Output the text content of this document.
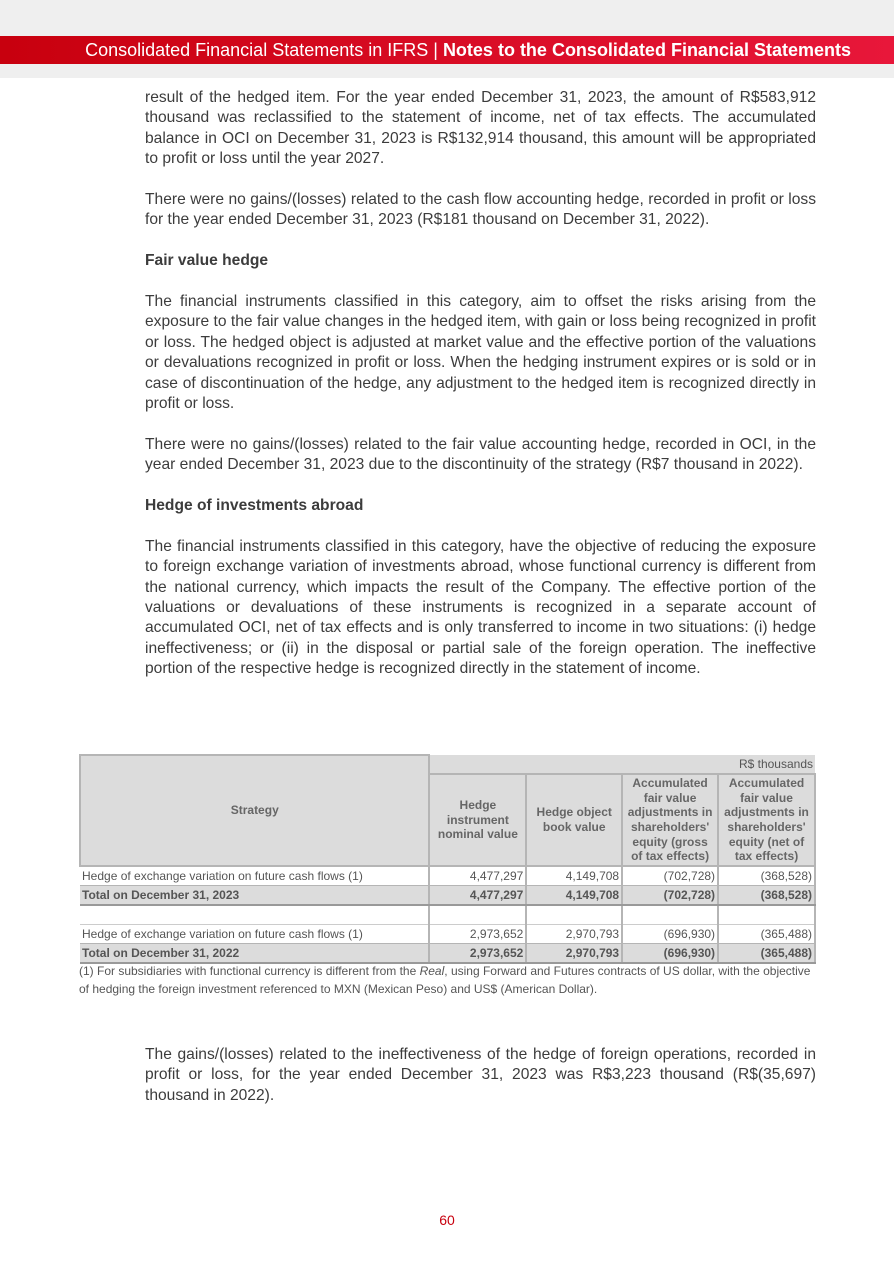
Consolidated Financial Statements in IFRS | Notes to the Consolidated Financial Statements

result of the hedged item. For the year ended December 31, 2023, the amount of R$583,912 thousand was reclassified to the statement of income, net of tax effects. The accumulated balance in OCI on December 31, 2023 is R$132,914 thousand, this amount will be appropriated to profit or loss until the year 2027.

There were no gains/(losses) related to the cash flow accounting hedge, recorded in profit or loss for the year ended December 31, 2023 (R$181 thousand on December 31, 2022).

Fair value hedge

The financial instruments classified in this category, aim to offset the risks arising from the exposure to the fair value changes in the hedged item, with gain or loss being recognized in profit or loss. The hedged object is adjusted at market value and the effective portion of the valuations or devaluations recognized in profit or loss. When the hedging instrument expires or is sold or in case of discontinuation of the hedge, any adjustment to the hedged item is recognized directly in profit or loss.

There were no gains/(losses) related to the fair value accounting hedge, recorded in OCI, in the year ended December 31, 2023 due to the discontinuity of the strategy (R$7 thousand in 2022).

Hedge of investments abroad

The financial instruments classified in this category, have the objective of reducing the exposure to foreign exchange variation of investments abroad, whose functional currency is different from the national currency, which impacts the result of the Company. The effective portion of the valuations or devaluations of these instruments is recognized in a separate account of accumulated OCI, net of tax effects and is only transferred to income in two situations: (i) hedge ineffectiveness; or (ii) in the disposal or partial sale of the foreign operation. The ineffective portion of the respective hedge is recognized directly in the statement of income.

Strategy	R$ thousands			
	Hedge instrument nominal value	Hedge object book value	Accumulated fair value adjustments in shareholders' equity (gross of tax effects)	Accumulated fair value adjustments in shareholders' equity (net of tax effects)
Hedge of exchange variation on future cash flows (1)	4,477,297	4,149,708	(702,728)	(368,528)
Total on December 31, 2023	4,477,297	4,149,708	(702,728)	(368,528)

Hedge of exchange variation on future cash flows (1)	2,973,652	2,970,793	(696,930)	(365,488)
Total on December 31, 2022	2,973,652	2,970,793	(696,930)	(365,488)
(1) For subsidiaries with functional currency is different from the Real, using Forward and Futures contracts of US dollar, with the objective of hedging the foreign investment referenced to MXN (Mexican Peso) and US$ (American Dollar).
The gains/(losses) related to the ineffectiveness of the hedge of foreign operations, recorded in profit or loss, for the year ended December 31, 2023 was R$3,223 thousand (R$(35,697) thousand in 2022).
60
